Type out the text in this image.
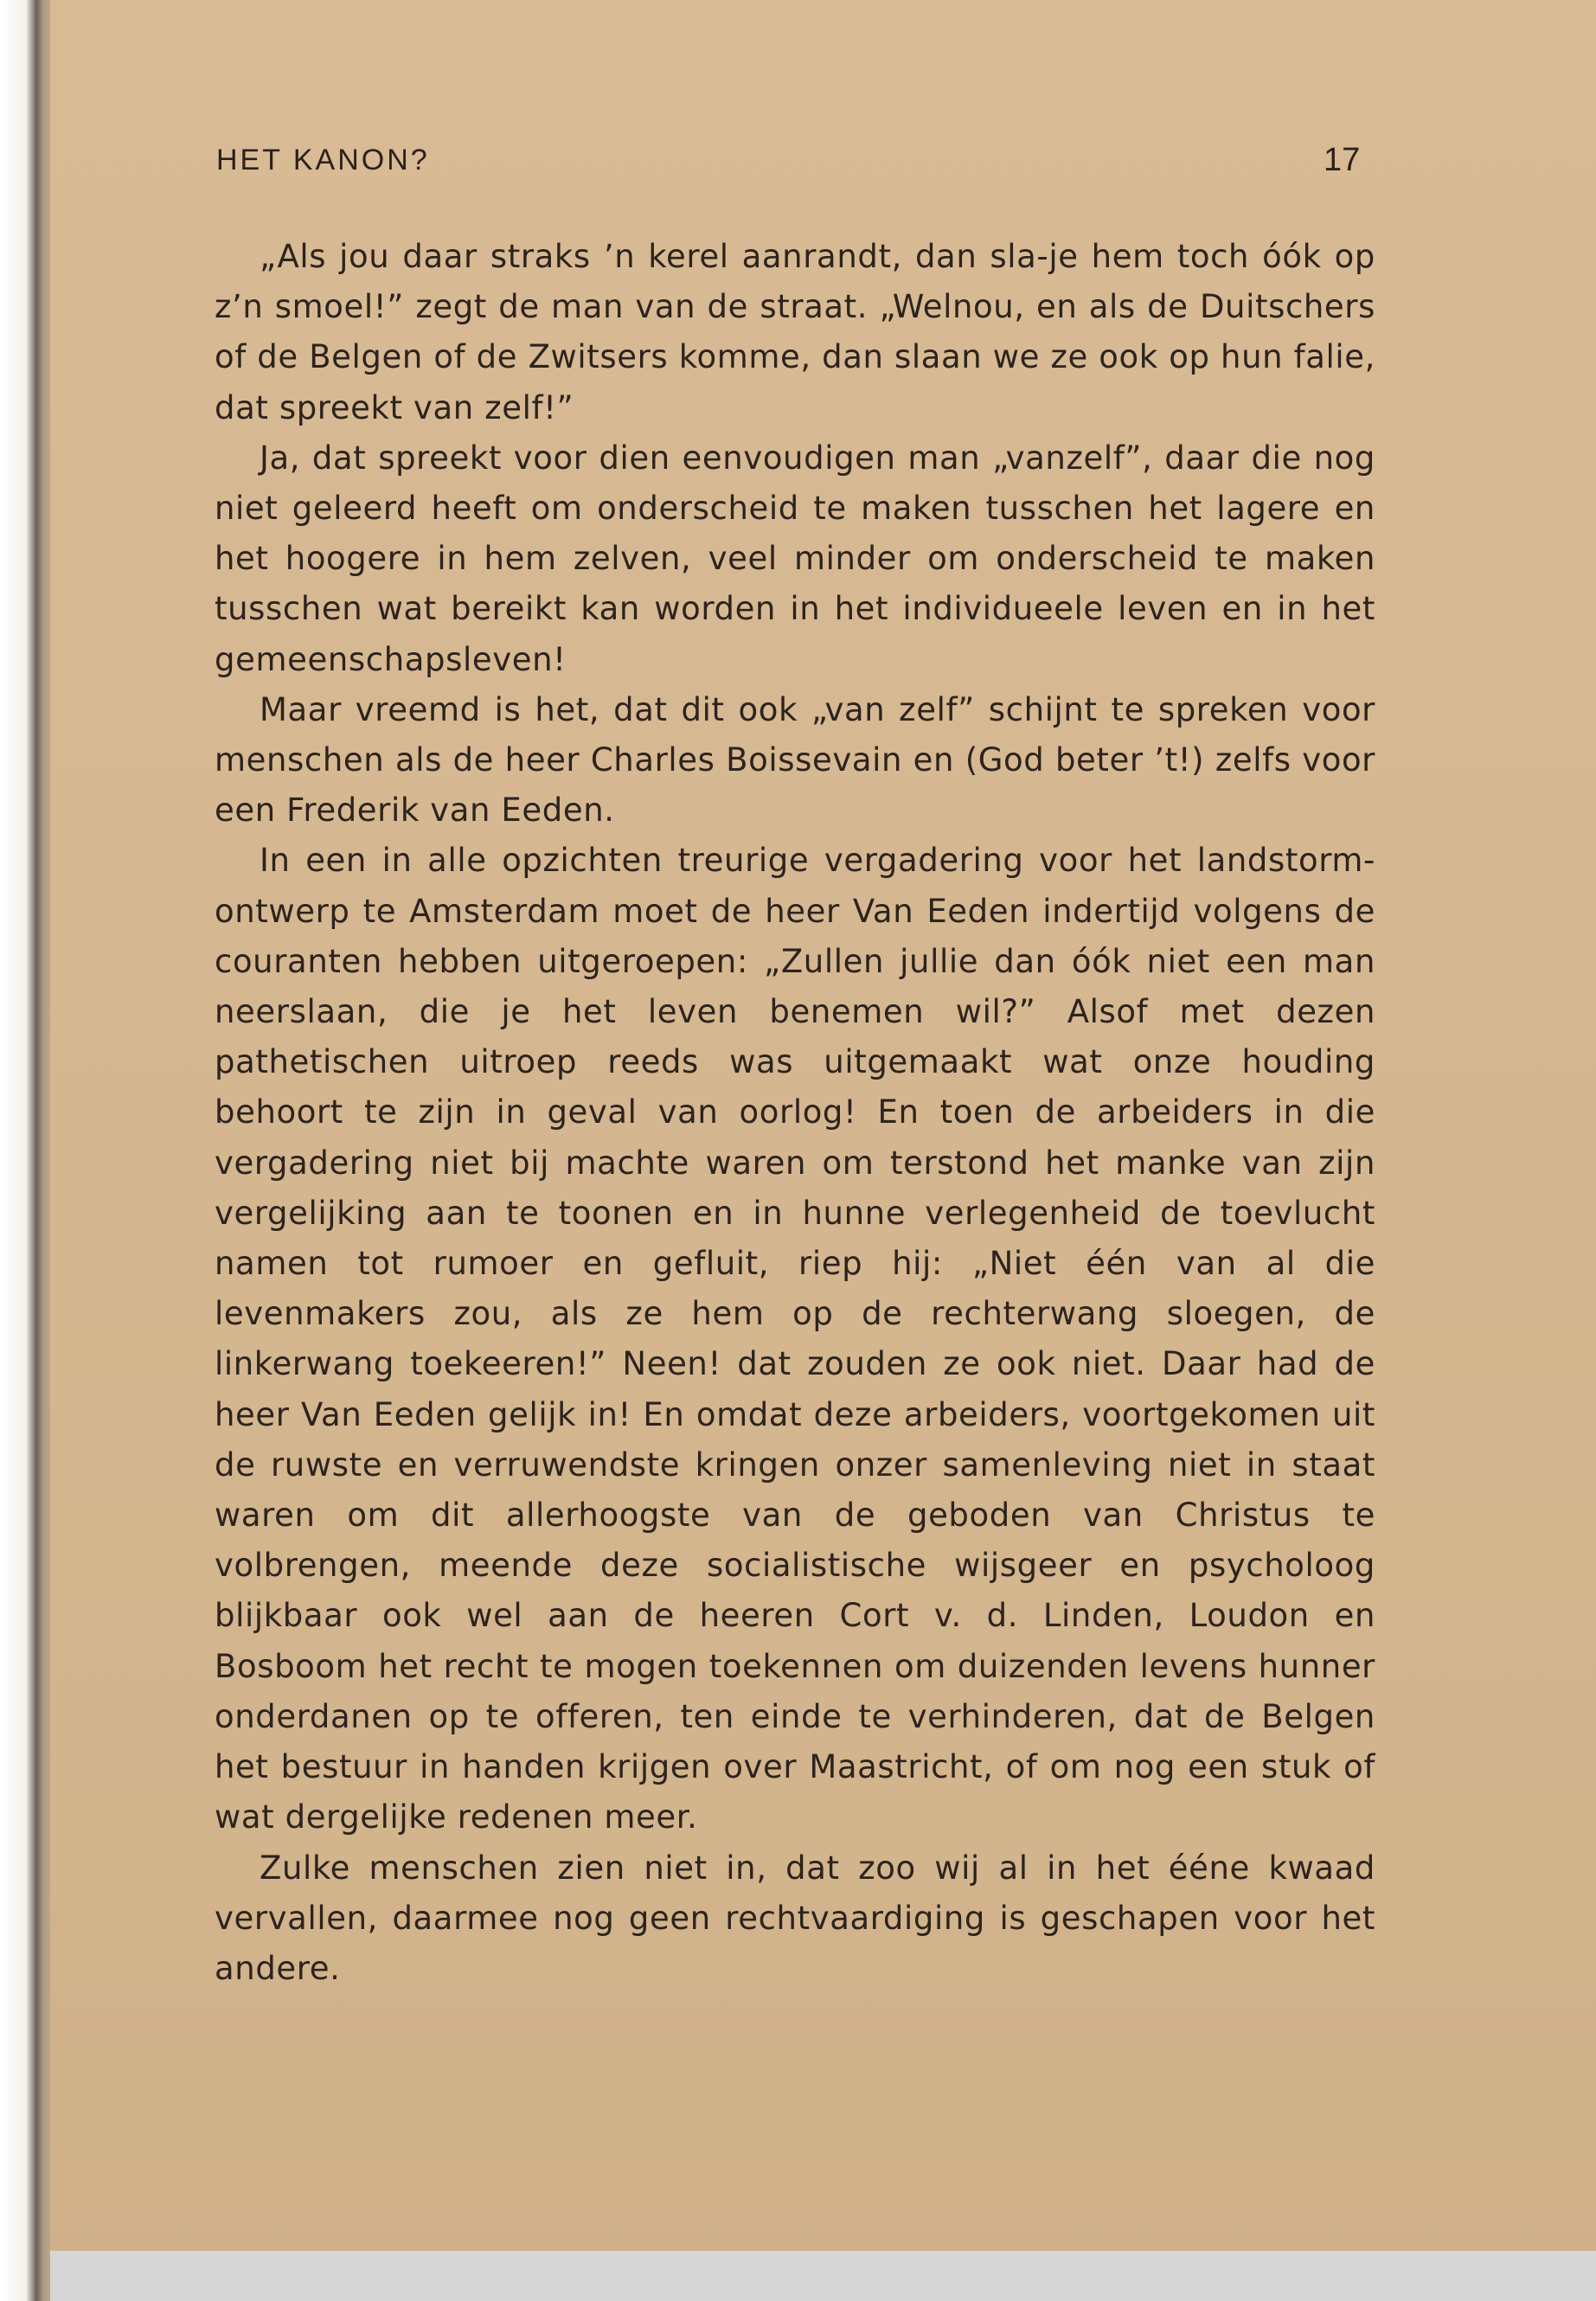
HET KANON?	17

„Als jou daar straks ’n kerel aanrandt, dan sla-je hem toch óók op z’n smoel!” zegt de man van de straat. „Welnou, en als de Duitschers of de Belgen of de Zwitsers komme, dan slaan we ze ook op hun falie, dat spreekt van zelf!”

Ja, dat spreekt voor dien eenvoudigen man „vanzelf”, daar die nog niet geleerd heeft om onderscheid te maken tusschen het lagere en het hoogere in hem zelven, veel minder om onderscheid te maken tusschen wat bereikt kan worden in het individueele leven en in het gemeenschapsleven!

Maar vreemd is het, dat dit ook „van zelf” schijnt te spreken voor menschen als de heer Charles Boissevain en (God beter ’t!) zelfs voor een Frederik van Eeden.

In een in alle opzichten treurige vergadering voor het landstorm-ontwerp te Amsterdam moet de heer Van Eeden indertijd volgens de couranten hebben uitgeroepen: „Zullen jullie dan óók niet een man neerslaan, die je het leven benemen wil?” Alsof met dezen pathetischen uitroep reeds was uitgemaakt wat onze houding behoort te zijn in geval van oorlog! En toen de arbeiders in die vergadering niet bij machte waren om terstond het manke van zijn vergelijking aan te toonen en in hunne verlegenheid de toevlucht namen tot rumoer en gefluit, riep hij: „Niet één van al die levenmakers zou, als ze hem op de rechterwang sloegen, de linkerwang toekeeren!” Neen! dat zouden ze ook niet. Daar had de heer Van Eeden gelijk in! En omdat deze arbeiders, voortgekomen uit de ruwste en verruwendste kringen onzer samenleving niet in staat waren om dit allerhoogste van de geboden van Christus te volbrengen, meende deze socialistische wijsgeer en psycholoog blijkbaar ook wel aan de heeren Cort v. d. Linden, Loudon en Bosboom het recht te mogen toekennen om duizenden levens hunner onderdanen op te offeren, ten einde te verhinderen, dat de Belgen het bestuur in handen krijgen over Maastricht, of om nog een stuk of wat dergelijke redenen meer.

Zulke menschen zien niet in, dat zoo wij al in het ééne kwaad vervallen, daarmee nog geen rechtvaardiging is geschapen voor het andere.
